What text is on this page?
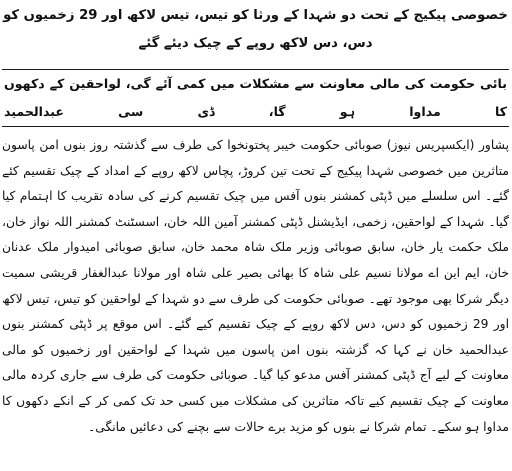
خصوصی پیکیج کے تحت دو شہدا کے ورثا کو تیس، تیس لاکھ اور 29 زخمیوں کو دس، دس لاکھ روپے کے چیک دیئے گئے
بائی حکومت کی مالی معاونت سے مشکلات میں کمی آئے گی، لواحقین کے دکھوں کا مداوا ہو گا، ڈی سی عبدالحمید

پشاور (ایکسپریس نیوز) صوبائی حکومت خیبر پختونخوا کی طرف سے گذشتہ روز بنوں امن پاسون متاثرین میں خصوصی شہدا پیکیج کے تحت تین کروڑ، پچاس لاکھ روپے کے امداد کے چیک تقسیم کئے گئے۔ اس سلسلے میں ڈپٹی کمشنر بنوں آفس میں چیک تقسیم کرنے کی سادہ تقریب کا اہتمام کیا گیا۔ شہدا کے لواحقین، زخمی، ایڈیشنل ڈپٹی کمشنر آمین اللہ خان، اسسٹنٹ کمشنر اللہ نواز خان، ملک حکمت یار خان، سابق صوبائی وزیر ملک شاہ محمد خان، سابق صوبائی امیدوار ملک عدنان خان، ایم این اے مولانا نسیم علی شاہ کا بھائی بصیر علی شاہ اور مولانا عبدالغفار قریشی سمیت دیگر شرکا بھی موجود تھے۔ صوبائی حکومت کی طرف سے دو شہدا کے لواحقین کو تیس، تیس لاکھ اور 29 زخمیوں کو دس، دس لاکھ روپے کے چیک تقسیم کیے گئے۔ اس موقع پر ڈپٹی کمشنر بنوں عبدالحمید خان نے کہا کہ گزشتہ بنوں امن پاسون میں شہدا کے لواحقین اور زخمیوں کو مالی معاونت کے لیے آج ڈپٹی کمشنر آفس مدعو کیا گیا۔ صوبائی حکومت کی طرف سے جاری کردہ مالی معاونت کے چیک تقسیم کیے تاکہ متاثرین کی مشکلات میں کسی حد تک کمی کر کے انکے دکھوں کا مداوا ہو سکے۔ تمام شرکا نے بنوں کو مزید برے حالات سے بچنے کی دعائیں مانگی۔
